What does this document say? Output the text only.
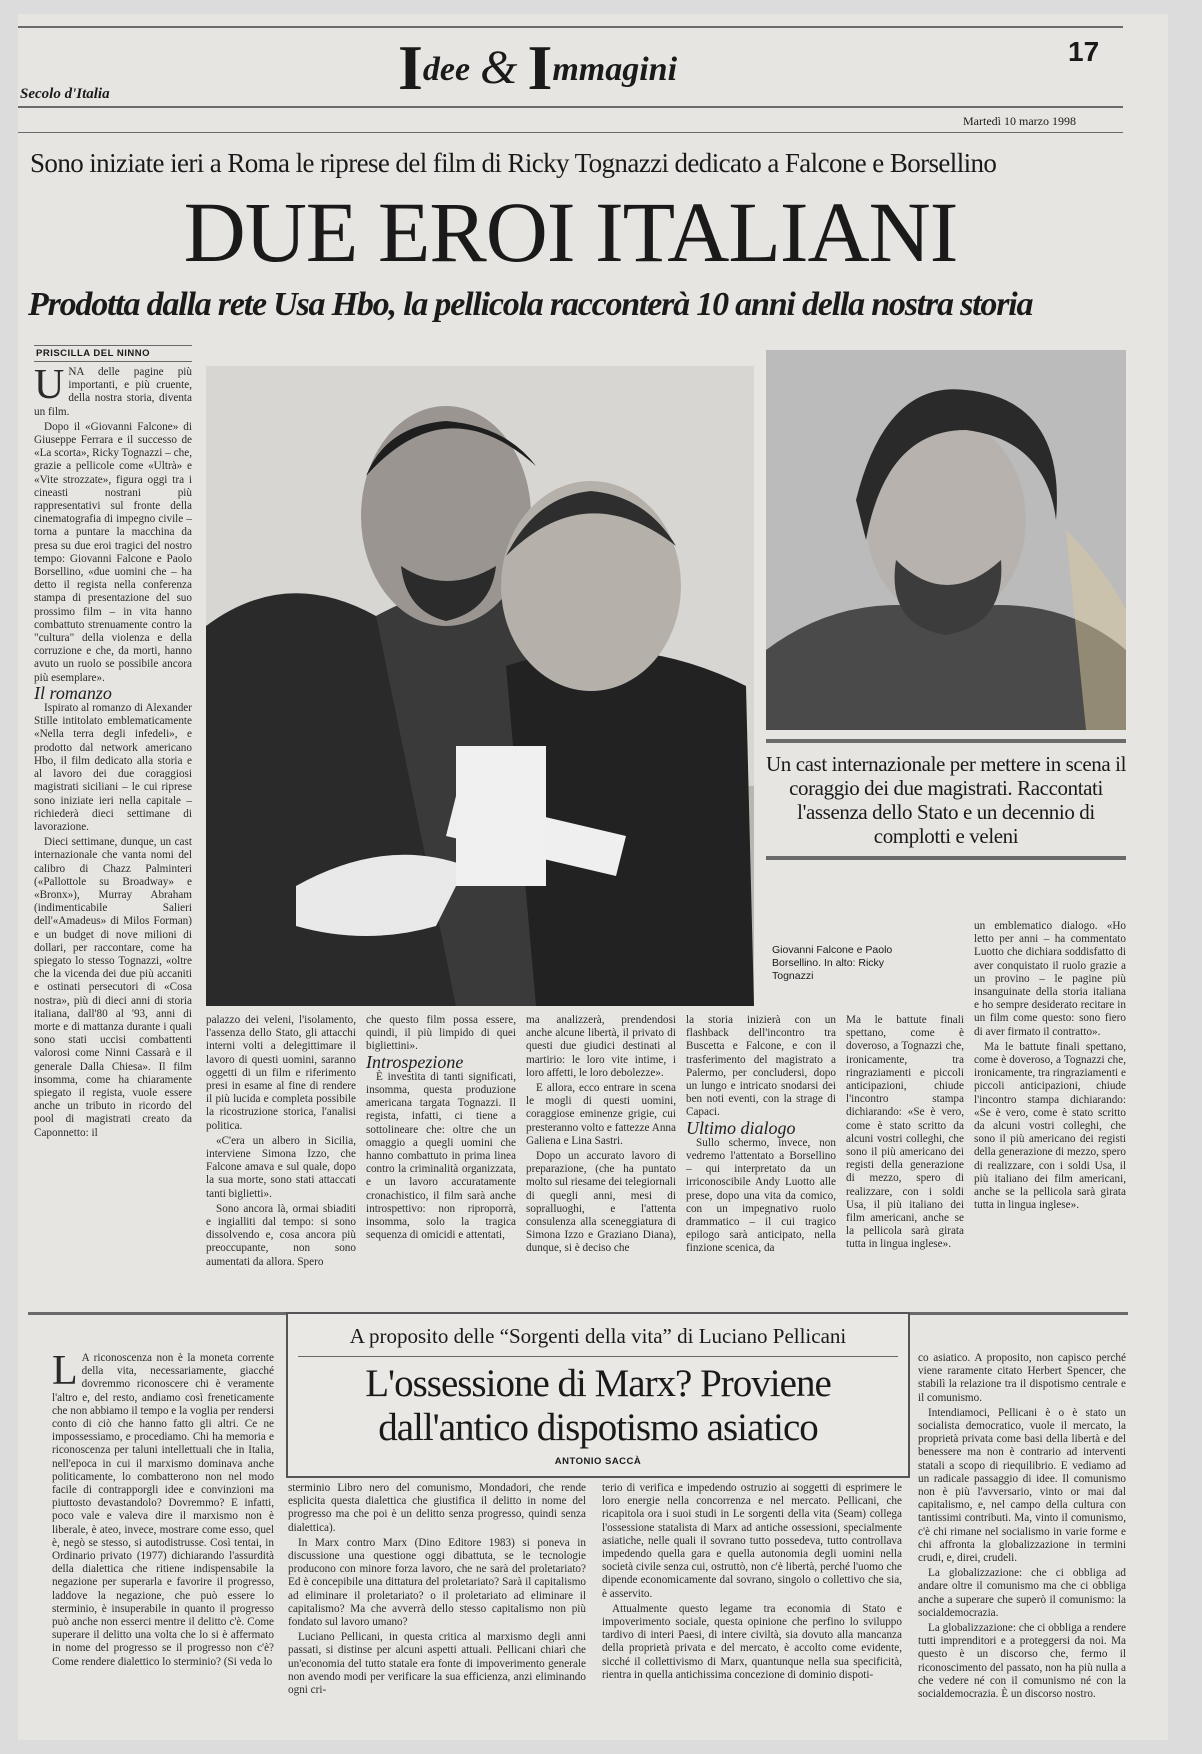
Secolo d'Italia	Idee & Immagini	17
Martedì 10 marzo 1998
Sono iniziate ieri a Roma le riprese del film di Ricky Tognazzi dedicato a Falcone e Borsellino
DUE EROI ITALIANI
Prodotta dalla rete Usa Hbo, la pellicola racconterà 10 anni della nostra storia
PRISCILLA DEL NINNO

UNA delle pagine più importanti, e più cruente, della nostra storia, diventa un film.

Dopo il «Giovanni Falcone» di Giuseppe Ferrara e il successo de «La scorta», Ricky Tognazzi – che, grazie a pellicole come «Ultrà» e «Vite strozzate», figura oggi tra i cineasti nostrani più rappresentativi sul fronte della cinematografia di impegno civile – torna a puntare la macchina da presa su due eroi tragici del nostro tempo: Giovanni Falcone e Paolo Borsellino, «due uomini che – ha detto il regista nella conferenza stampa di presentazione del suo prossimo film – in vita hanno combattuto strenuamente contro la "cultura" della violenza e della corruzione e che, da morti, hanno avuto un ruolo se possibile ancora più esemplare».

Il romanzo

Ispirato al romanzo di Alexander Stille intitolato emblematicamente «Nella terra degli infedeli», e prodotto dal network americano Hbo, il film dedicato alla storia e al lavoro dei due coraggiosi magistrati siciliani – le cui riprese sono iniziate ieri nella capitale – richiederà dieci settimane di lavorazione.

Dieci settimane, dunque, un cast internazionale che vanta nomi del calibro di Chazz Palminteri («Pallottole su Broadway» e «Bronx»), Murray Abraham (indimenticabile Salieri dell'«Amadeus» di Milos Forman) e un budget di nove milioni di dollari, per raccontare, come ha spiegato lo stesso Tognazzi, «oltre che la vicenda dei due più accaniti e ostinati persecutori di «Cosa nostra», più di dieci anni di storia italiana, dall'80 al '93, anni di morte e di mattanza durante i quali sono stati uccisi combattenti valorosi come Ninni Cassarà e il generale Dalla Chiesa». Il film insomma, come ha chiaramente spiegato il regista, vuole essere anche un tributo in ricordo del pool di magistrati creato da Caponnetto: il

Un cast internazionale per mettere in scena il coraggio dei due magistrati. Raccontati l'assenza dello Stato e un decennio di complotti e veleni
Giovanni Falcone e Paolo Borsellino. In alto: Ricky Tognazzi

un emblematico dialogo. «Ho letto per anni – ha commentato Luotto che dichiara soddisfatto di aver conquistato il ruolo grazie a un provino – le pagine più insanguinate della storia italiana e ho sempre desiderato recitare in un film come questo: sono fiero di aver firmato il contratto».

Ma le battute finali spettano, come è doveroso, a Tognazzi che, ironicamente, tra ringraziamenti e piccoli anticipazioni, chiude l'incontro stampa dichiarando: «Se è vero, come è stato scritto da alcuni vostri colleghi, che sono il più americano dei registi della generazione di mezzo, spero di realizzare, con i soldi Usa, il più italiano dei film americani, anche se la pellicola sarà girata tutta in lingua inglese».

palazzo dei veleni, l'isolamento, l'assenza dello Stato, gli attacchi interni volti a delegittimare il lavoro di questi uomini, saranno oggetti di un film e riferimento presi in esame al fine di rendere il più lucida e completa possibile la ricostruzione storica, l'analisi politica.

«C'era un albero in Sicilia, interviene Simona Izzo, che Falcone amava e sul quale, dopo la sua morte, sono stati attaccati tanti biglietti».

Sono ancora là, ormai sbiaditi e ingialliti dal tempo: si sono dissolvendo e, cosa ancora più preoccupante, non sono aumentati da allora. Spero

che questo film possa essere, quindi, il più limpido di quei bigliettini».

Introspezione

È investita di tanti significati, insomma, questa produzione americana targata Tognazzi. Il regista, infatti, ci tiene a sottolineare che: oltre che un omaggio a quegli uomini che hanno combattuto in prima linea contro la criminalità organizzata, e un lavoro accuratamente cronachistico, il film sarà anche introspettivo: non riproporrà, insomma, solo la tragica sequenza di omicidi e attentati,

ma analizzerà, prendendosi anche alcune libertà, il privato di questi due giudici destinati al martirio: le loro vite intime, i loro affetti, le loro debolezze».

E allora, ecco entrare in scena le mogli di questi uomini, coraggiose eminenze grigie, cui presteranno volto e fattezze Anna Galiena e Lina Sastri.

Dopo un accurato lavoro di preparazione, (che ha puntato molto sul riesame dei telegiornali di quegli anni, mesi di sopralluoghi, e l'attenta consulenza alla sceneggiatura di Simona Izzo e Graziano Diana), dunque, si è deciso che

la storia inizierà con un flashback dell'incontro tra Buscetta e Falcone, e con il trasferimento del magistrato a Palermo, per concludersi, dopo un lungo e intricato snodarsi dei ben noti eventi, con la strage di Capaci.

Ultimo dialogo

Sullo schermo, invece, non vedremo l'attentato a Borsellino – qui interpretato da un irriconoscibile Andy Luotto alle prese, dopo una vita da comico, con un impegnativo ruolo drammatico – il cui tragico epilogo sarà anticipato, nella finzione scenica, da

Ma le battute finali spettano, come è doveroso, a Tognazzi che, ironicamente, tra ringraziamenti e piccoli anticipazioni, chiude l'incontro stampa dichiarando: «Se è vero, come è stato scritto da alcuni vostri colleghi, che sono il più americano dei registi della generazione di mezzo, spero di realizzare, con i soldi Usa, il più italiano dei film americani, anche se la pellicola sarà girata tutta in lingua inglese».

A proposito delle “Sorgenti della vita” di Luciano Pellicani
L'ossessione di Marx? Proviene
dall'antico dispotismo asiatico
ANTONIO SACCÀ

L A riconoscenza non è la moneta corrente della vita, necessariamente, giacché dovremmo riconoscere chi è veramente l'altro e, del resto, andiamo così freneticamente che non abbiamo il tempo e la voglia per rendersi conto di ciò che hanno fatto gli altri. Ce ne impossessiamo, e procediamo. Chi ha memoria e riconoscenza per taluni intellettuali che in Italia, nell'epoca in cui il marxismo dominava anche politicamente, lo combatterono non nel modo facile di contrapporgli idee e convinzioni ma piuttosto devastandolo? Dovremmo? E infatti, poco vale e valeva dire il marxismo non è liberale, è ateo, invece, mostrare come esso, quel è, negò se stesso, si autodistrusse. Così tentai, in Ordinario privato (1977) dichiarando l'assurdità della dialettica che ritiene indispensabile la negazione per superarla e favorire il progresso, laddove la negazione, che può essere lo sterminio, è insuperabile in quanto il progresso può anche non esserci mentre il delitto c'è. Come superare il delitto una volta che lo si è affermato in nome del progresso se il progresso non c'è? Come rendere dialettico lo sterminio? (Si veda lo

sterminio Libro nero del comunismo, Mondadori, che rende esplicita questa dialettica che giustifica il delitto in nome del progresso ma che poi è un delitto senza progresso, quindi senza dialettica).

In Marx contro Marx (Dino Editore 1983) si poneva in discussione una questione oggi dibattuta, se le tecnologie producono con minore forza lavoro, che ne sarà del proletariato? Ed è concepibile una dittatura del proletariato? Sarà il capitalismo ad eliminare il proletariato? o il proletariato ad eliminare il capitalismo? Ma che avverrà dello stesso capitalismo non più fondato sul lavoro umano?

Luciano Pellicani, in questa critica al marxismo degli anni passati, si distinse per alcuni aspetti attuali. Pellicani chiarì che un'economia del tutto statale era fonte di impoverimento generale non avendo modi per verificare la sua efficienza, anzi eliminando ogni cri-

terio di verifica e impedendo ostruzio ai soggetti di esprimere le loro energie nella concorrenza e nel mercato. Pellicani, che ricapitola ora i suoi studi in Le sorgenti della vita (Seam) collega l'ossessione statalista di Marx ad antiche ossessioni, specialmente asiatiche, nelle quali il sovrano tutto possedeva, tutto controllava impedendo quella gara e quella autonomia degli uomini nella società civile senza cui, ostruttò, non c'è libertà, perché l'uomo che dipende economicamente dal sovrano, singolo o collettivo che sia, è asservito.

Attualmente questo legame tra economia di Stato e impoverimento sociale, questa opinione che perfino lo sviluppo tardivo di interi Paesi, di intere civiltà, sia dovuto alla mancanza della proprietà privata e del mercato, è accolto come evidente, sicché il collettivismo di Marx, quantunque nella sua specificità, rientra in quella antichissima concezione di dominio dispoti-

co asiatico. A proposito, non capisco perché viene raramente citato Herbert Spencer, che stabilì la relazione tra il dispotismo centrale e il comunismo.

Intendiamoci, Pellicani è o è stato un socialista democratico, vuole il mercato, la proprietà privata come basi della libertà e del benessere ma non è contrario ad interventi statali a scopo di riequilibrio. E vediamo ad un radicale passaggio di idee. Il comunismo non è più l'avversario, vinto or mai dal capitalismo, e, nel campo della cultura con tantissimi contributi. Ma, vinto il comunismo, c'è chi rimane nel socialismo in varie forme e chi affronta la globalizzazione in termini crudi, e, direi, crudeli.

La globalizzazione: che ci obbliga ad andare oltre il comunismo ma che ci obbliga anche a superare che superò il comunismo: la socialdemocrazia.

La globalizzazione: che ci obbliga a rendere tutti imprenditori e a proteggersi da noi. Ma questo è un discorso che, fermo il riconoscimento del passato, non ha più nulla a che vedere né con il comunismo né con la socialdemocrazia. È un discorso nostro.
